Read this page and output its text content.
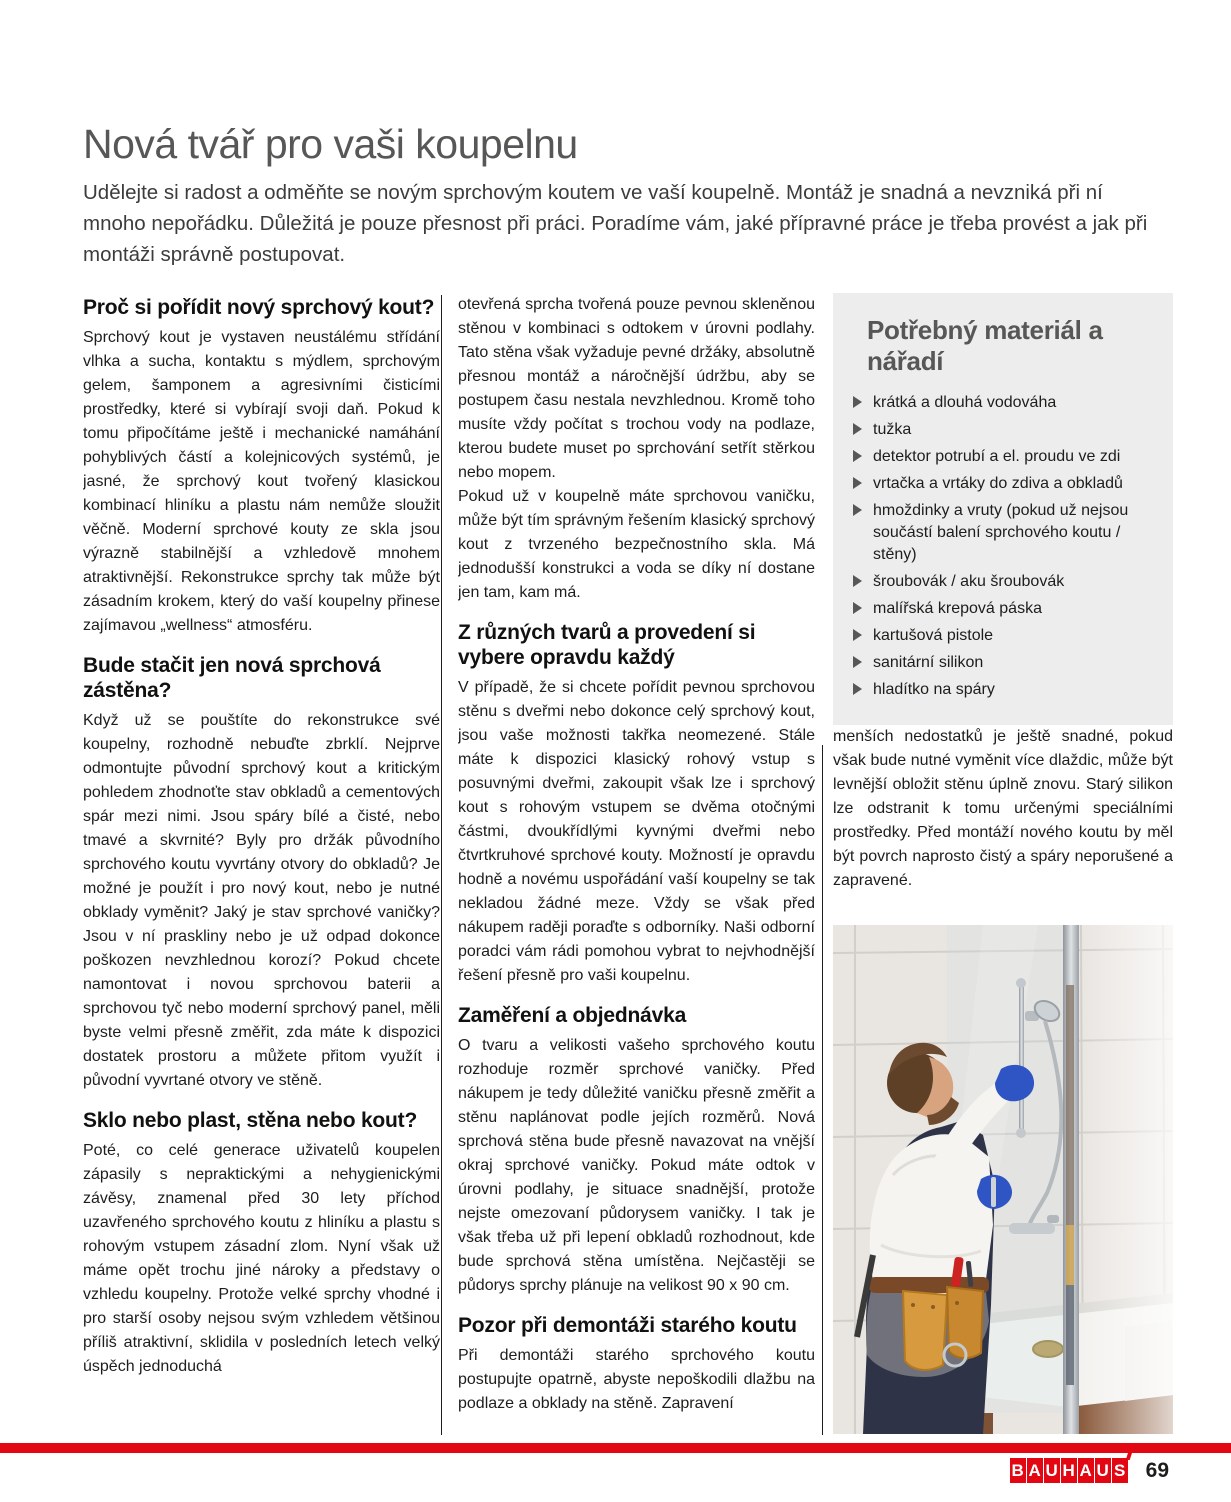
Nová tvář pro vaši koupelnu

Udělejte si radost a odměňte se novým sprchovým koutem ve vaší koupelně. Montáž je snadná a nevzniká při ní mnoho nepořádku. Důležitá je pouze přesnost při práci. Poradíme vám, jaké přípravné práce je třeba provést a jak při montáži správně postupovat.

Proč si pořídit nový sprchový kout?

Sprchový kout je vystaven neustálému střídání vlhka a sucha, kontaktu s mýdlem, sprchovým gelem, šamponem a agresivními čisticími prostředky, které si vybírají svoji daň. Pokud k tomu připočítáme ještě i mechanické namáhání pohyblivých částí a kolejnicových systémů, je jasné, že sprchový kout tvořený klasickou kombinací hliníku a plastu nám nemůže sloužit věčně. Moderní sprchové kouty ze skla jsou výrazně stabilnější a vzhledově mnohem atraktivnější. Rekonstrukce sprchy tak může být zásadním krokem, který do vaší koupelny přinese zajímavou „wellness“ atmosféru.

Bude stačit jen nová sprchová zástěna?

Když už se pouštíte do rekonstrukce své koupelny, rozhodně nebuďte zbrklí. Nejprve odmontujte původní sprchový kout a kritickým pohledem zhodnoťte stav obkladů a cementových spár mezi nimi. Jsou spáry bílé a čisté, nebo tmavé a skvrnité? Byly pro držák původního sprchového koutu vyvrtány otvory do obkladů? Je možné je použít i pro nový kout, nebo je nutné obklady vyměnit? Jaký je stav sprchové vaničky? Jsou v ní praskliny nebo je už odpad dokonce poškozen nevzhlednou korozí? Pokud chcete namontovat i novou sprchovou baterii a sprchovou tyč nebo moderní sprchový panel, měli byste velmi přesně změřit, zda máte k dispozici dostatek prostoru a můžete přitom využít i původní vyvrtané otvory ve stěně.

Sklo nebo plast, stěna nebo kout?

Poté, co celé generace uživatelů koupelen zápasily s nepraktickými a nehygienickými závěsy, znamenal před 30 lety příchod uzavřeného sprchového koutu z hliníku a plastu s rohovým vstupem zásadní zlom. Nyní však už máme opět trochu jiné nároky a představy o vzhledu koupelny. Protože velké sprchy vhodné i pro starší osoby nejsou svým vzhledem většinou příliš atraktivní, sklidila v posledních letech velký úspěch jednoduchá

otevřená sprcha tvořená pouze pevnou skleněnou stěnou v kombinaci s odtokem v úrovni podlahy. Tato stěna však vyžaduje pevné držáky, absolutně přesnou montáž a náročnější údržbu, aby se postupem času nestala nevzhlednou. Kromě toho musíte vždy počítat s trochou vody na podlaze, kterou budete muset po sprchování setřít stěrkou nebo mopem.

Pokud už v koupelně máte sprchovou vaničku, může být tím správným řešením klasický sprchový kout z tvrzeného bezpečnostního skla. Má jednodušší konstrukci a voda se díky ní dostane jen tam, kam má.

Z různých tvarů a provedení si vybere opravdu každý

V případě, že si chcete pořídit pevnou sprchovou stěnu s dveřmi nebo dokonce celý sprchový kout, jsou vaše možnosti takřka neomezené. Stále máte k dispozici klasický rohový vstup s posuvnými dveřmi, zakoupit však lze i sprchový kout s rohovým vstupem se dvěma otočnými částmi, dvoukřídlými kyvnými dveřmi nebo čtvrtkruhové sprchové kouty. Možností je opravdu hodně a novému uspořádání vaší koupelny se tak nekladou žádné meze. Vždy se však před nákupem raději poraďte s odborníky. Naši odborní poradci vám rádi pomohou vybrat to nejvhodnější řešení přesně pro vaši koupelnu.

Zaměření a objednávka

O tvaru a velikosti vašeho sprchového koutu rozhoduje rozměr sprchové vaničky. Před nákupem je tedy důležité vaničku přesně změřit a stěnu naplánovat podle jejích rozměrů. Nová sprchová stěna bude přesně navazovat na vnější okraj sprchové vaničky. Pokud máte odtok v úrovni podlahy, je situace snadnější, protože nejste omezovaní půdorysem vaničky. I tak je však třeba už při lepení obkladů rozhodnout, kde bude sprchová stěna umístěna. Nejčastěji se půdorys sprchy plánuje na velikost 90 x 90 cm.

Pozor při demontáži starého koutu

Při demontáži starého sprchového koutu postupujte opatrně, abyste nepoškodili dlažbu na podlaze a obklady na stěně. Zapravení

Potřebný materiál a nářadí
krátká a dlouhá vodováha
tužka
detektor potrubí a el. proudu ve zdi
vrtačka a vrtáky do zdiva a obkladů
hmoždinky a vruty (pokud už nejsou součástí balení sprchového koutu / stěny)
šroubovák / aku šroubovák
malířská krepová páska
kartušová pistole
sanitární silikon
hladítko na spáry

menších nedostatků je ještě snadné, pokud však bude nutné vyměnit více dlaždic, může být levnější obložit stěnu úplně znovu. Starý silikon lze odstranit k tomu určenými speciálními prostředky. Před montáží nového koutu by měl být povrch naprosto čistý a spáry neporušené a zapravené.

B A U H A U S 69
